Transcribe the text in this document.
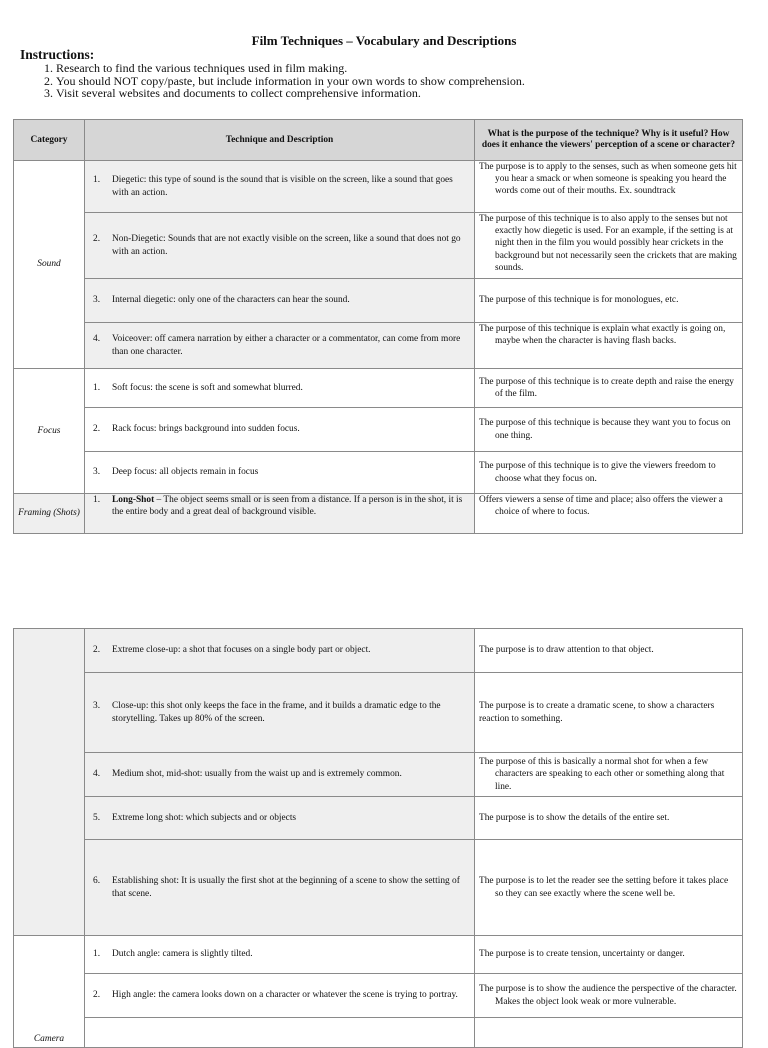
Film Techniques – Vocabulary and Descriptions
Instructions:
1. Research to find the various techniques used in film making.
2. You should NOT copy/paste, but include information in your own words to show comprehension.
3. Visit several websites and documents to collect comprehensive information.
Category	Technique and Description	What is the purpose of the technique? Why is it useful? How does it enhance the viewers' perception of a scene or character?
Sound	1. Diegetic: this type of sound is the sound that is visible on the screen, like a sound that goes with an action.	The purpose is to apply to the senses, such as when someone gets hit you hear a smack or when someone is speaking you heard the words come out of their mouths. Ex. soundtrack

	2. Non-Diegetic: Sounds that are not exactly visible on the screen, like a sound that does not go with an action.	The purpose of this technique is to also apply to the senses but not exactly how diegetic is used. For an example, if the setting is at night then in the film you would possibly hear crickets in the background but not necessarily seen the crickets that are making sounds.

	3. Internal diegetic: only one of the characters can hear the sound.	The purpose of this technique is for monologues, etc.

	4. Voiceover: off camera narration by either a character or a commentator, can come from more than one character.	The purpose of this technique is explain what exactly is going on, maybe when the character is having flash backs.

Focus	1. Soft focus: the scene is soft and somewhat blurred.	The purpose of this technique is to create depth and raise the energy of the film.

	2. Rack focus: brings background into sudden focus.	The purpose of this technique is because they want you to focus on one thing.

	3. Deep focus: all objects remain in focus	The purpose of this technique is to give the viewers freedom to choose what they focus on.

Framing (Shots)	1. Long-Shot – The object seems small or is seen from a distance. If a person is in the shot, it is the entire body and a great deal of background visible.	Offers viewers a sense of time and place; also offers the viewer a choice of where to focus.

	2. Extreme close-up: a shot that focuses on a single body part or object.	The purpose is to draw attention to that object.

	3. Close-up: this shot only keeps the face in the frame, and it builds a dramatic edge to the storytelling. Takes up 80% of the screen.	The purpose is to create a dramatic scene, to show a characters reaction to something.

	4. Medium shot, mid-shot: usually from the waist up and is extremely common.	The purpose of this is basically a normal shot for when a few characters are speaking to each other or something along that line.

	5. Extreme long shot: which subjects and or objects	The purpose is to show the details of the entire set.

	6. Establishing shot: It is usually the first shot at the beginning of a scene to show the setting of that scene.	The purpose is to let the reader see the setting before it takes place so they can see exactly where the scene well be.

Camera	1. Dutch angle: camera is slightly tilted.	The purpose is to create tension, uncertainty or danger.

	2. High angle: the camera looks down on a character or whatever the scene is trying to portray.	The purpose is to show the audience the perspective of the character. Makes the object look weak or more vulnerable.
